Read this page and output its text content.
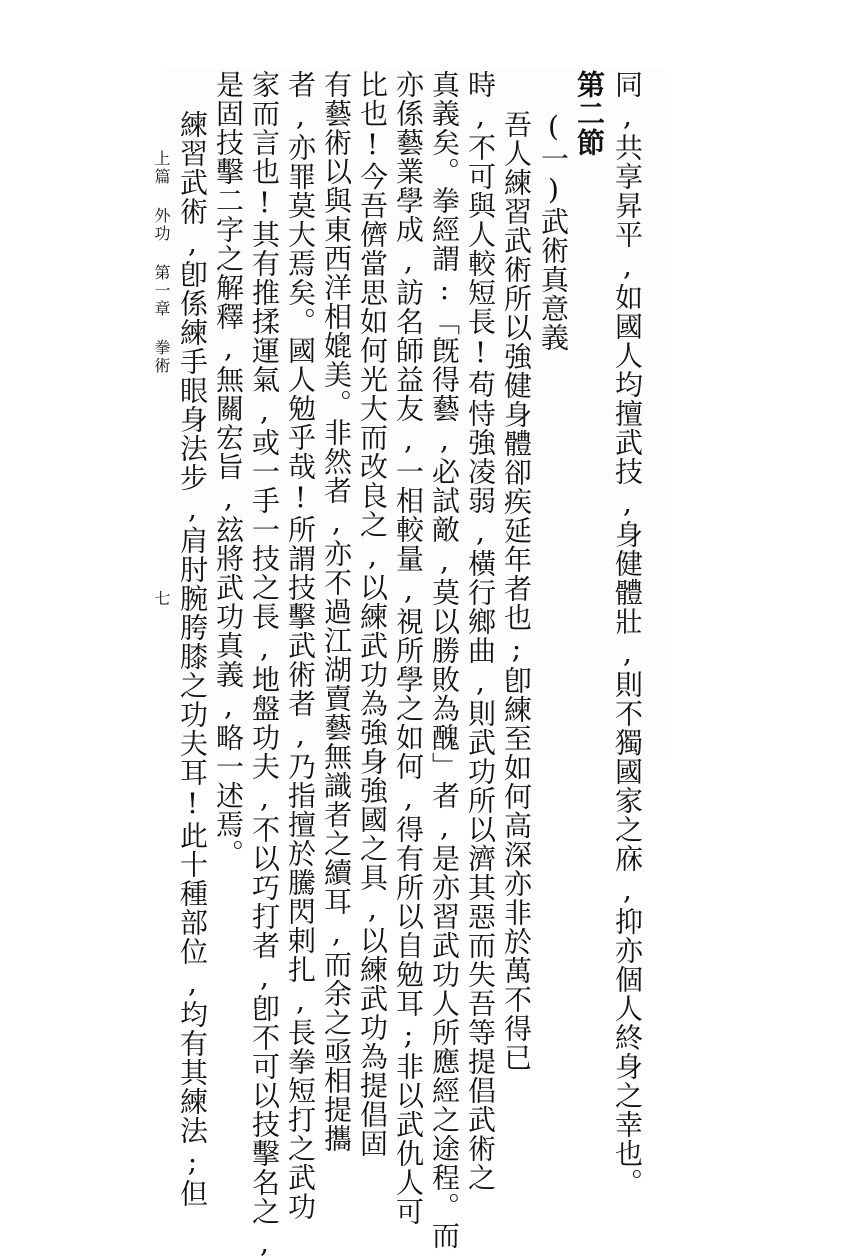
同,共享昇平,如國人均擅武技,身健體壯,則不獨國家之庥,抑亦個人終身之幸也。
第二節
(一)武術真意義
吾人練習武術所以強健身體卻疾延年者也;卽練至如何高深亦非於萬不得已
時,不可與人較短長!苟恃強凌弱,橫行鄉曲,則武功所以濟其惡而失吾等提倡武術之
真義矣。拳經謂:「旣得藝,必試敵,莫以勝敗為醜」者,是亦習武功人所應經之途程。而
亦係藝業學成,訪名師益友,一相較量,視所學之如何,得有所以自勉耳;非以武仇人可
比也!今吾儕當思如何光大而改良之,以練武功為強身強國之具,以練武功為提倡固
有藝術以與東西洋相媲美。非然者,亦不過江湖賣藝無識者之續耳,而余之亟相提攜
者,亦罪莫大焉矣。國人勉乎哉!所謂技擊武術者,乃指擅於騰閃剌扎,長拳短打之武功
家而言也!其有推揉運氣,或一手一技之長,地盤功夫,不以巧打者,卽不可以技擊名之,
是固技擊二字之解釋,無關宏旨,玆將武功真義,略一述焉。
練習武術,卽係練手眼身法步,肩肘腕胯膝之功夫耳!此十種部位,均有其練法;但
上篇 外功 第一章 拳術
七
